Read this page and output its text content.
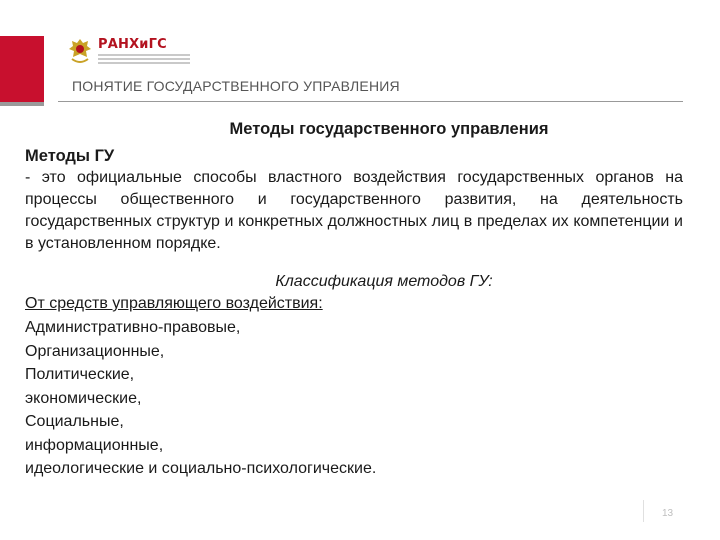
РАНХиГС
ПОНЯТИЕ ГОСУДАРСТВЕННОГО УПРАВЛЕНИЯ
Методы государственного управления
Методы ГУ
- это официальные способы властного воздействия государственных органов на процессы общественного и государственного развития, на деятельность государственных структур и конкретных должностных лиц в пределах их компетенции и в установленном порядке.
Классификация методов ГУ:
От средств управляющего воздействия:
Административно-правовые,
Организационные,
Политические,
экономические,
Социальные,
информационные,
идеологические и социально-психологические.
13
